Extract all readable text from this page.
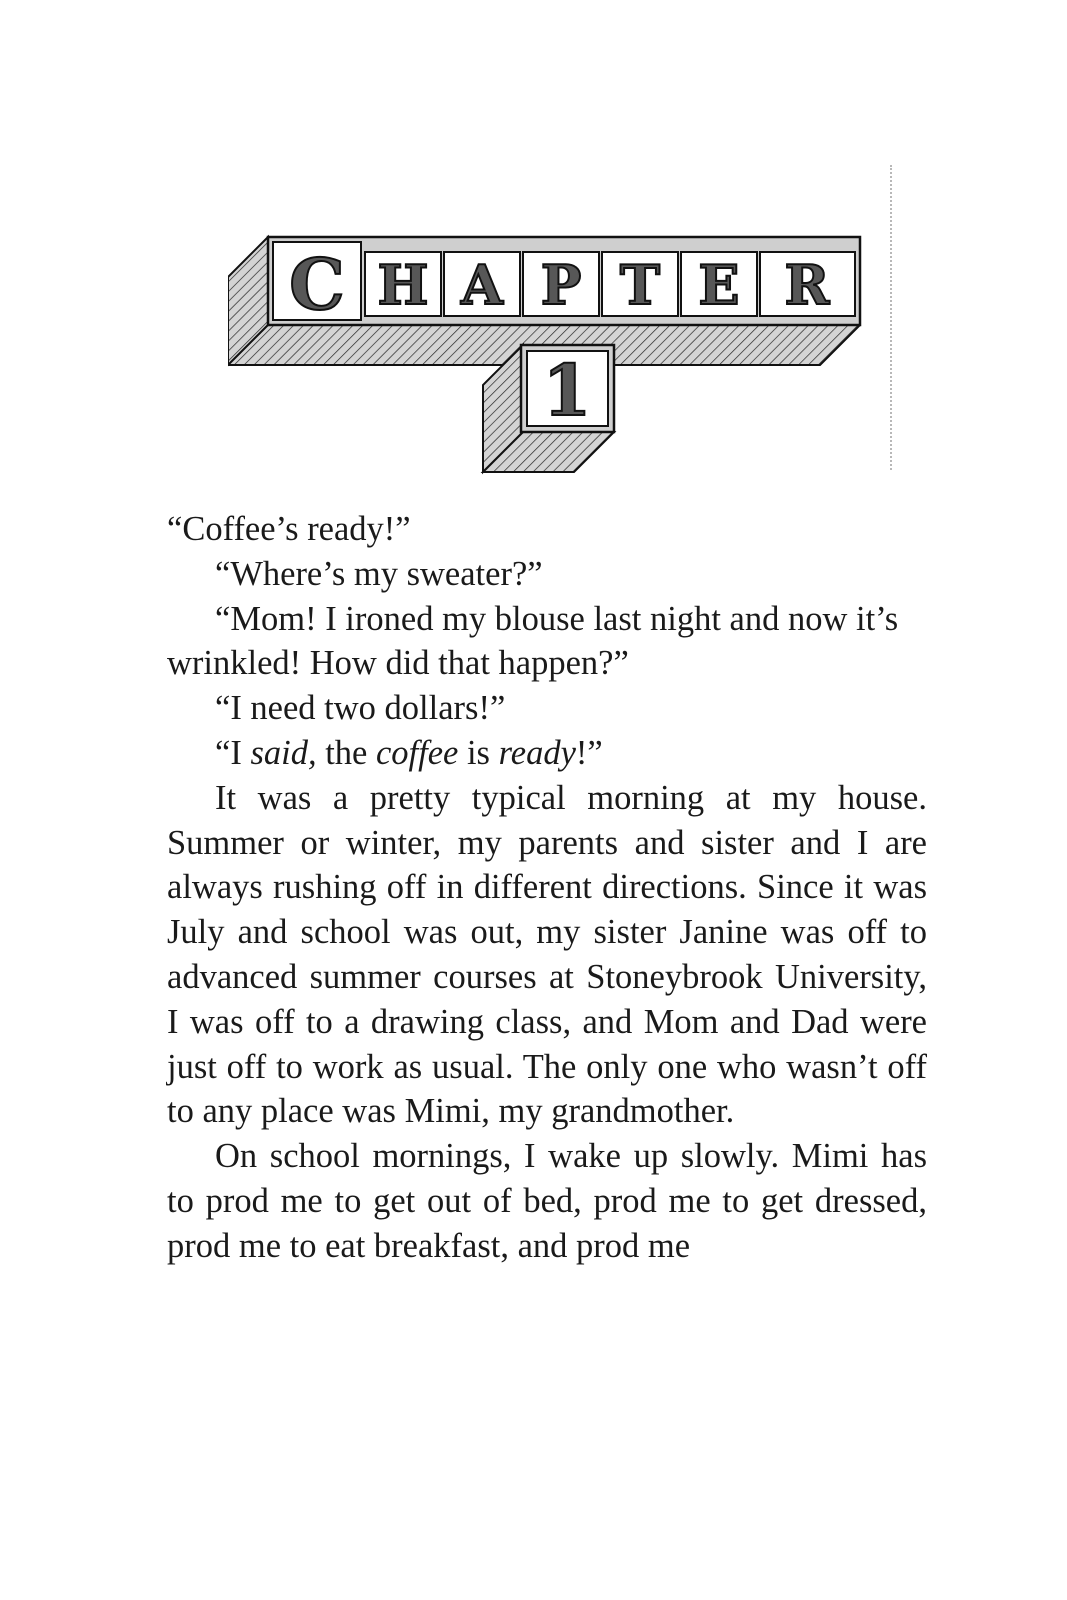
C H A P T E R
1

“Coffee’s ready!”

“Where’s my sweater?”

“Mom! I ironed my blouse last night and now it’s wrinkled! How did that happen?”

“I need two dollars!”

“I said, the coffee is ready!”

It was a pretty typical morning at my house. Summer or winter, my parents and sister and I are always rushing off in different directions. Since it was July and school was out, my sister Janine was off to advanced summer courses at Stoneybrook University, I was off to a drawing class, and Mom and Dad were just off to work as usual. The only one who wasn’t off to any place was Mimi, my grandmother.

On school mornings, I wake up slowly. Mimi has to prod me to get out of bed, prod me to get dressed, prod me to eat breakfast, and prod me
